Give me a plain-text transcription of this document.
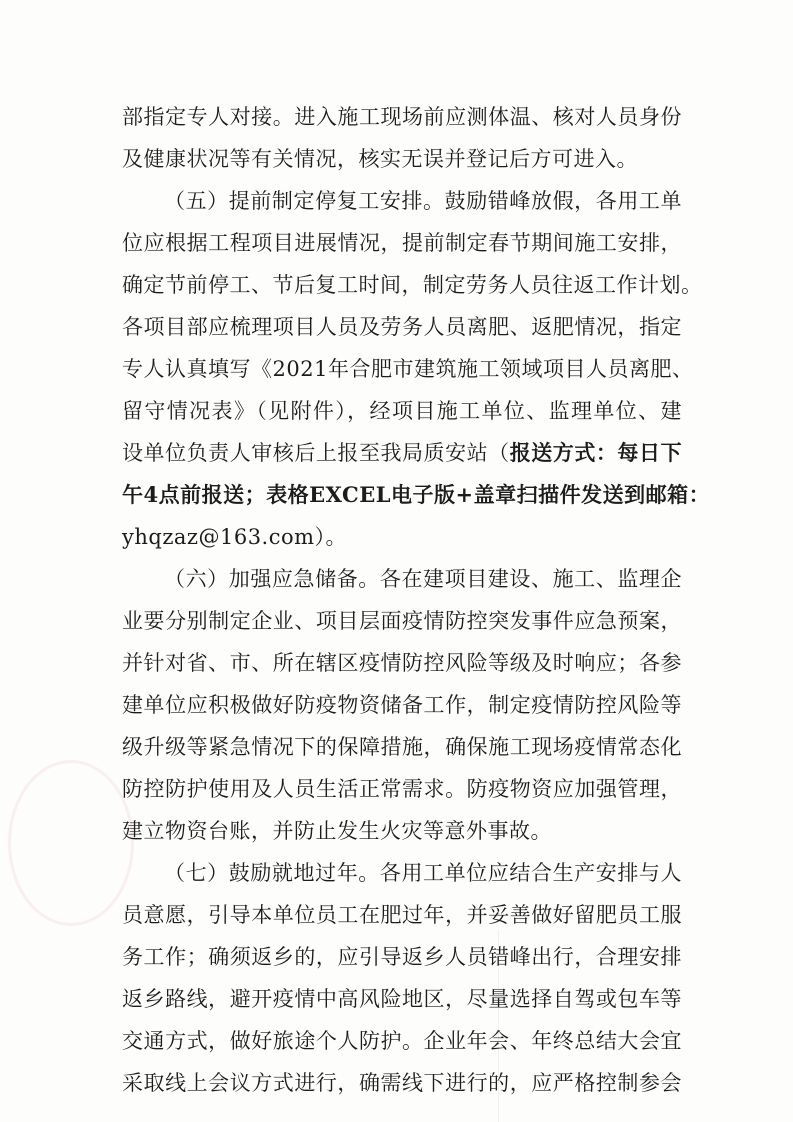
部指定专人对接。进入施工现场前应测体温、核对人员身份
及健康状况等有关情况，核实无误并登记后方可进入。
（五）提前制定停复工安排。鼓励错峰放假，各用工单
位应根据工程项目进展情况，提前制定春节期间施工安排，
确定节前停工、节后复工时间，制定劳务人员往返工作计划。
各项目部应梳理项目人员及劳务人员离肥、返肥情况，指定
专人认真填写《2021年合肥市建筑施工领域项目人员离肥、
留守情况表》（见附件），经项目施工单位、监理单位、建
设单位负责人审核后上报至我局质安站（报送方式：每日下
午4点前报送；表格EXCEL电子版+盖章扫描件发送到邮箱：
yhqzaz@163.com）。
（六）加强应急储备。各在建项目建设、施工、监理企
业要分别制定企业、项目层面疫情防控突发事件应急预案，
并针对省、市、所在辖区疫情防控风险等级及时响应；各参
建单位应积极做好防疫物资储备工作，制定疫情防控风险等
级升级等紧急情况下的保障措施，确保施工现场疫情常态化
防控防护使用及人员生活正常需求。防疫物资应加强管理，
建立物资台账，并防止发生火灾等意外事故。
（七）鼓励就地过年。各用工单位应结合生产安排与人
员意愿，引导本单位员工在肥过年，并妥善做好留肥员工服
务工作；确须返乡的，应引导返乡人员错峰出行，合理安排
返乡路线，避开疫情中高风险地区，尽量选择自驾或包车等
交通方式，做好旅途个人防护。企业年会、年终总结大会宜
采取线上会议方式进行，确需线下进行的，应严格控制参会
